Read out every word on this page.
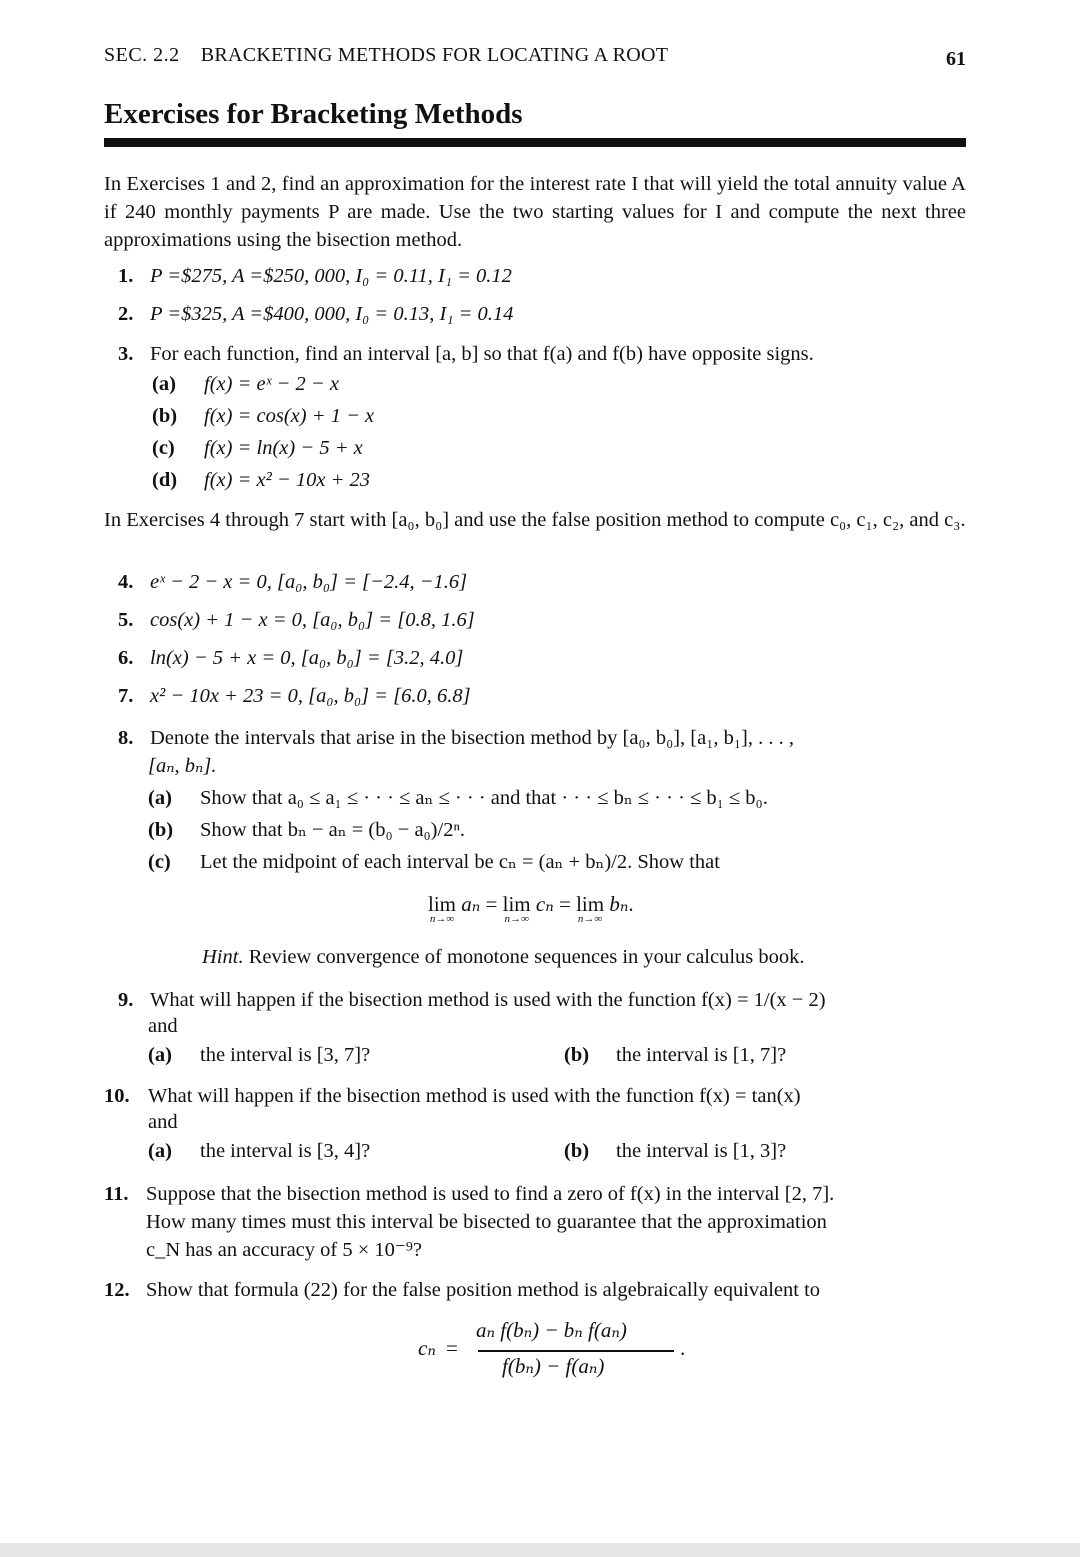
SEC. 2.2 BRACKETING METHODS FOR LOCATING A ROOT	61
Exercises for Bracketing Methods
In Exercises 1 and 2, find an approximation for the interest rate I that will yield the total annuity value A if 240 monthly payments P are made. Use the two starting values for I and compute the next three approximations using the bisection method.
1. P =$275, A =$250, 000, I₀ = 0.11, I₁ = 0.12
2. P =$325, A =$400, 000, I₀ = 0.13, I₁ = 0.14
3. For each function, find an interval [a, b] so that f(a) and f(b) have opposite signs.
(a) f(x) = eˣ − 2 − x
(b) f(x) = cos(x) + 1 − x
(c) f(x) = ln(x) − 5 + x
(d) f(x) = x² − 10x + 23
In Exercises 4 through 7 start with [a₀, b₀] and use the false position method to compute c₀, c₁, c₂, and c₃.
4. eˣ − 2 − x = 0, [a₀, b₀] = [−2.4, −1.6]
5. cos(x) + 1 − x = 0, [a₀, b₀] = [0.8, 1.6]
6. ln(x) − 5 + x = 0, [a₀, b₀] = [3.2, 4.0]
7. x² − 10x + 23 = 0, [a₀, b₀] = [6.0, 6.8]
8. Denote the intervals that arise in the bisection method by [a₀, b₀], [a₁, b₁], . . . ,
[aₙ, bₙ].
(a) Show that a₀ ≤ a₁ ≤ · · · ≤ aₙ ≤ · · · and that · · · ≤ bₙ ≤ · · · ≤ b₁ ≤ b₀.
(b) Show that bₙ − aₙ = (b₀ − a₀)/2ⁿ.
(c) Let the midpoint of each interval be cₙ = (aₙ + bₙ)/2. Show that
lim
n→∞
aₙ = lim
n→∞
cₙ = lim
n→∞
bₙ.
Hint. Review convergence of monotone sequences in your calculus book.
9. What will happen if the bisection method is used with the function f(x) = 1/(x − 2)
and
(a) the interval is [3, 7]?	(b) the interval is [1, 7]?
10. What will happen if the bisection method is used with the function f(x) = tan(x)
and
(a) the interval is [3, 4]?	(b) the interval is [1, 3]?
11. Suppose that the bisection method is used to find a zero of f(x) in the interval [2, 7].
How many times must this interval be bisected to guarantee that the approximation
c_N has an accuracy of 5 × 10⁻⁹?
12. Show that formula (22) for the false position method is algebraically equivalent to
cₙ =
aₙ f(bₙ) − bₙ f(aₙ)
f(bₙ) − f(aₙ)
.
